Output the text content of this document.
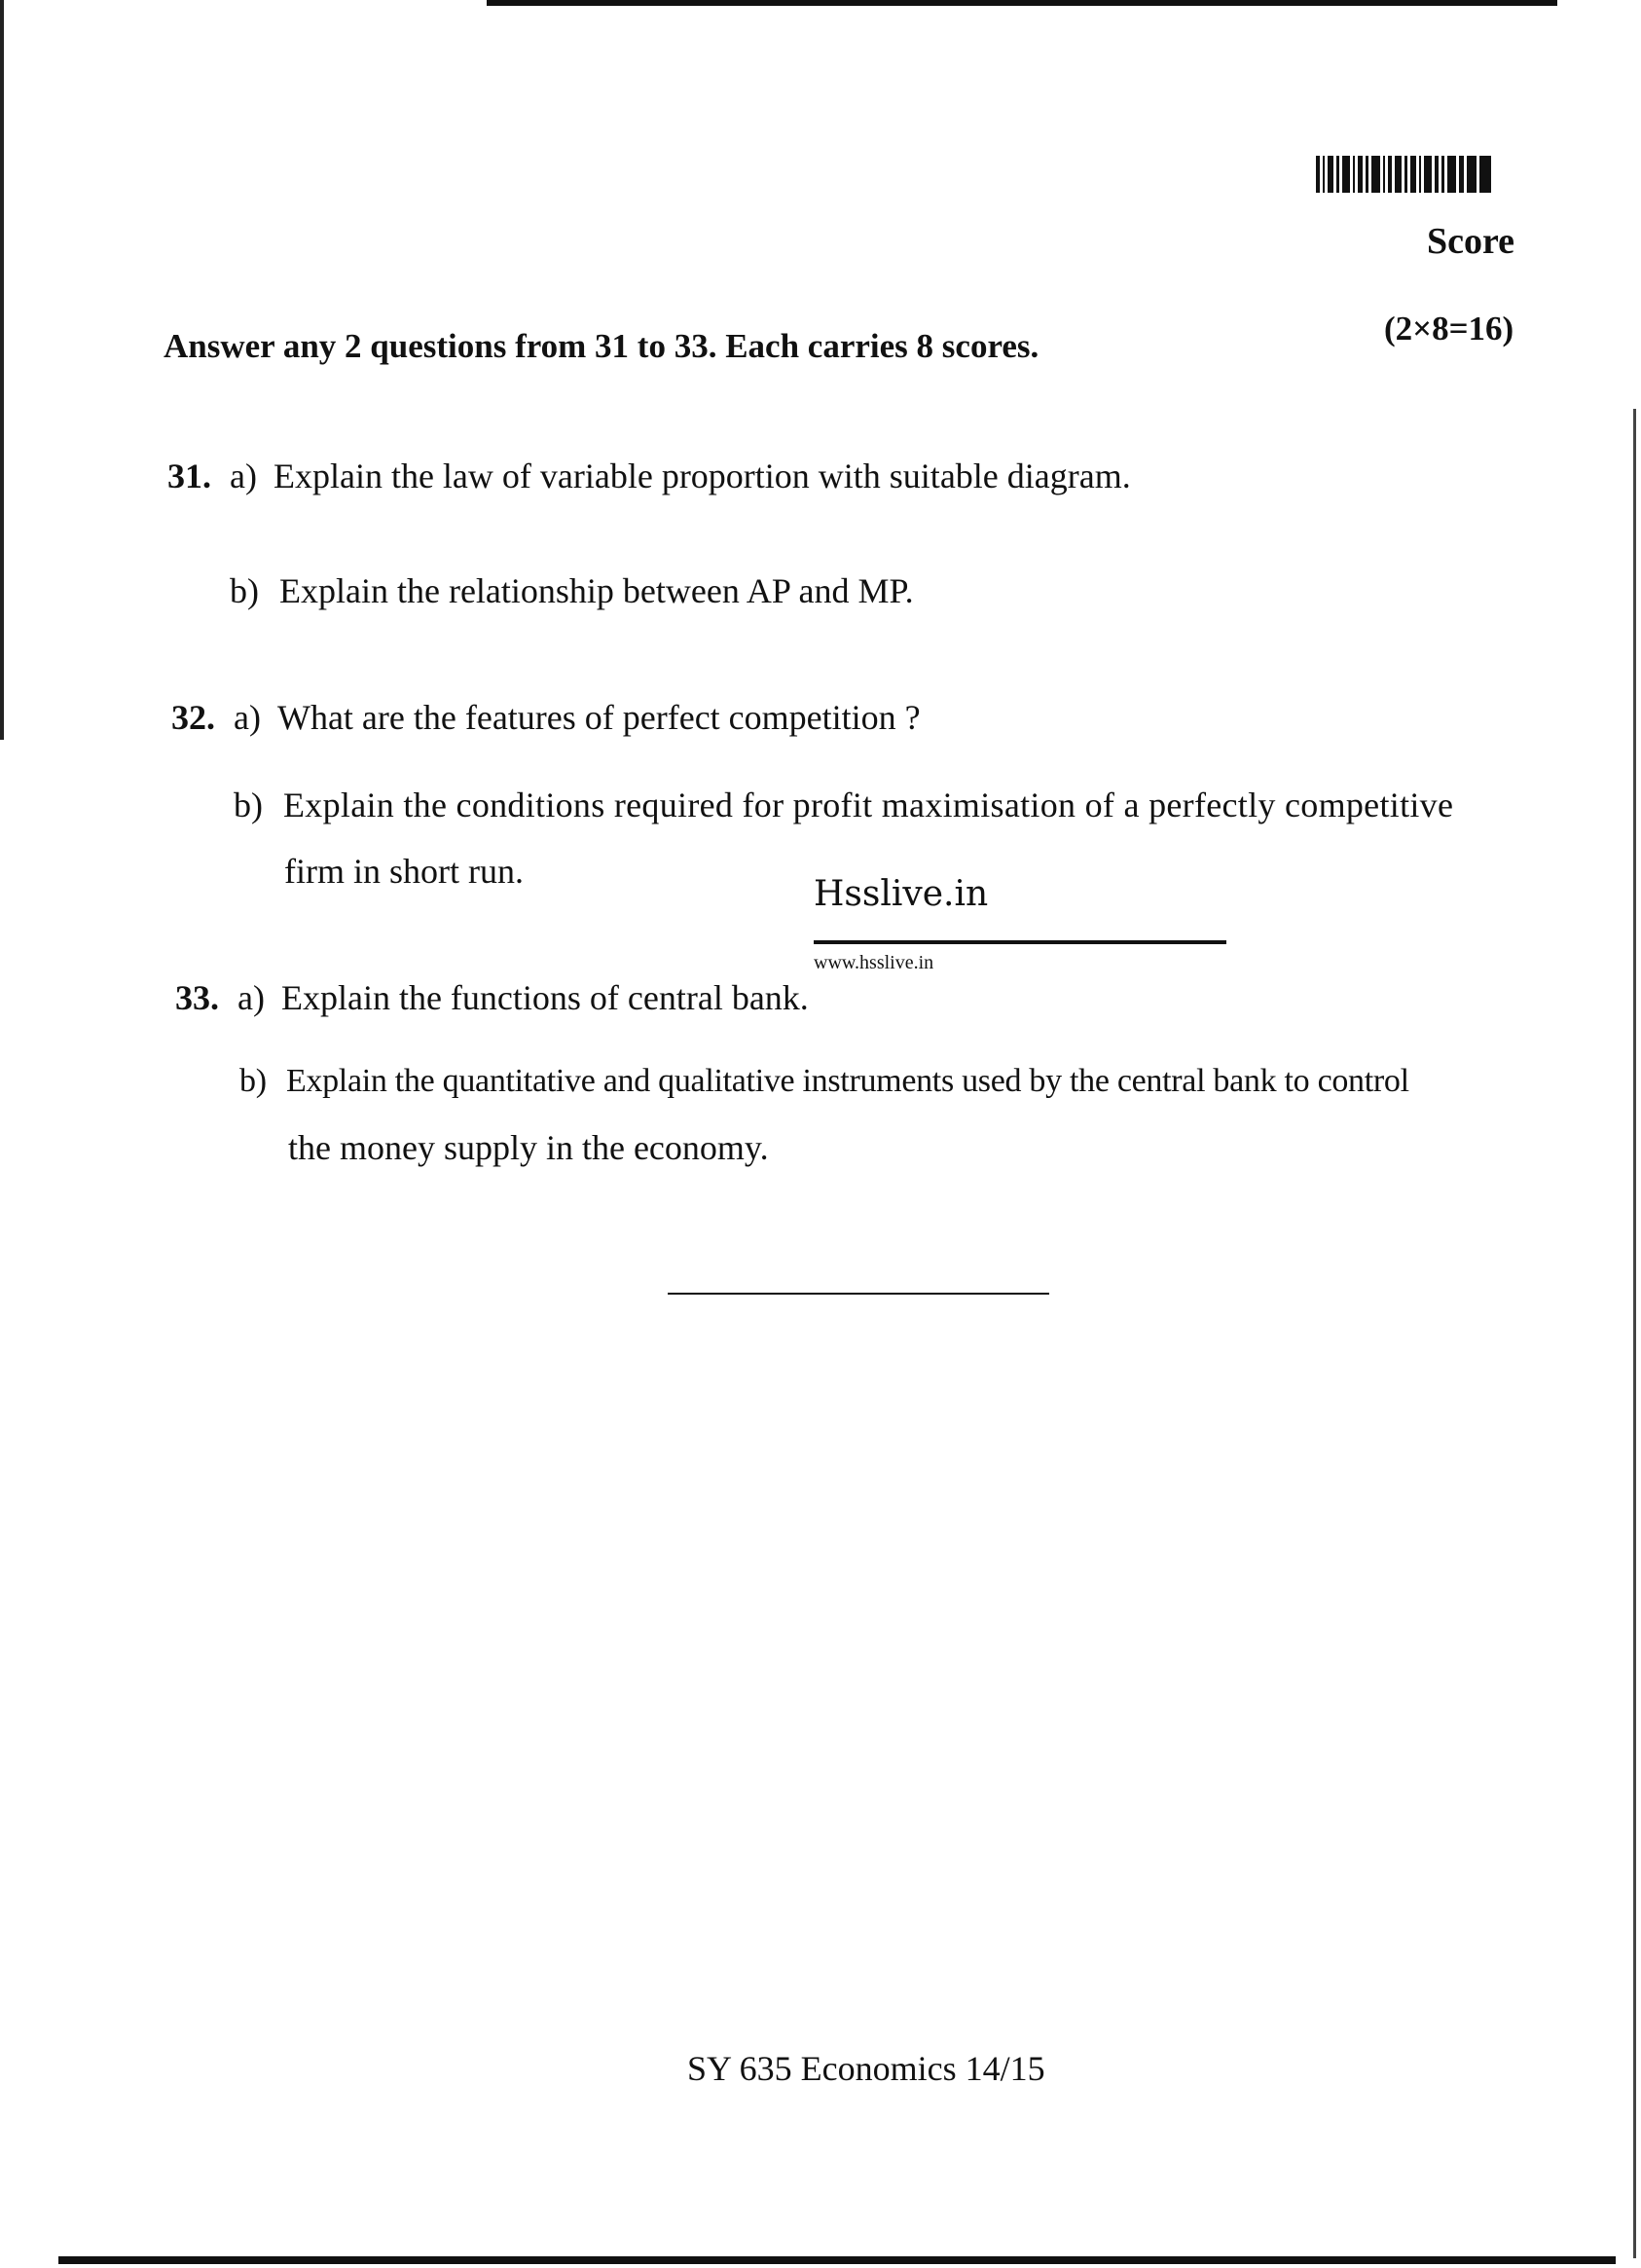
Score
Answer any 2 questions from 31 to 33. Each carries 8 scores.	(2×8=16)
31. a) Explain the law of variable proportion with suitable diagram.
b) Explain the relationship between AP and MP.
32. a) What are the features of perfect competition ?
b) Explain the conditions required for profit maximisation of a perfectly competitive
firm in short run.
Hsslive.in
www.hsslive.in
33. a) Explain the functions of central bank.
b) Explain the quantitative and qualitative instruments used by the central bank to control
the money supply in the economy.
SY 635 Economics 14/15
